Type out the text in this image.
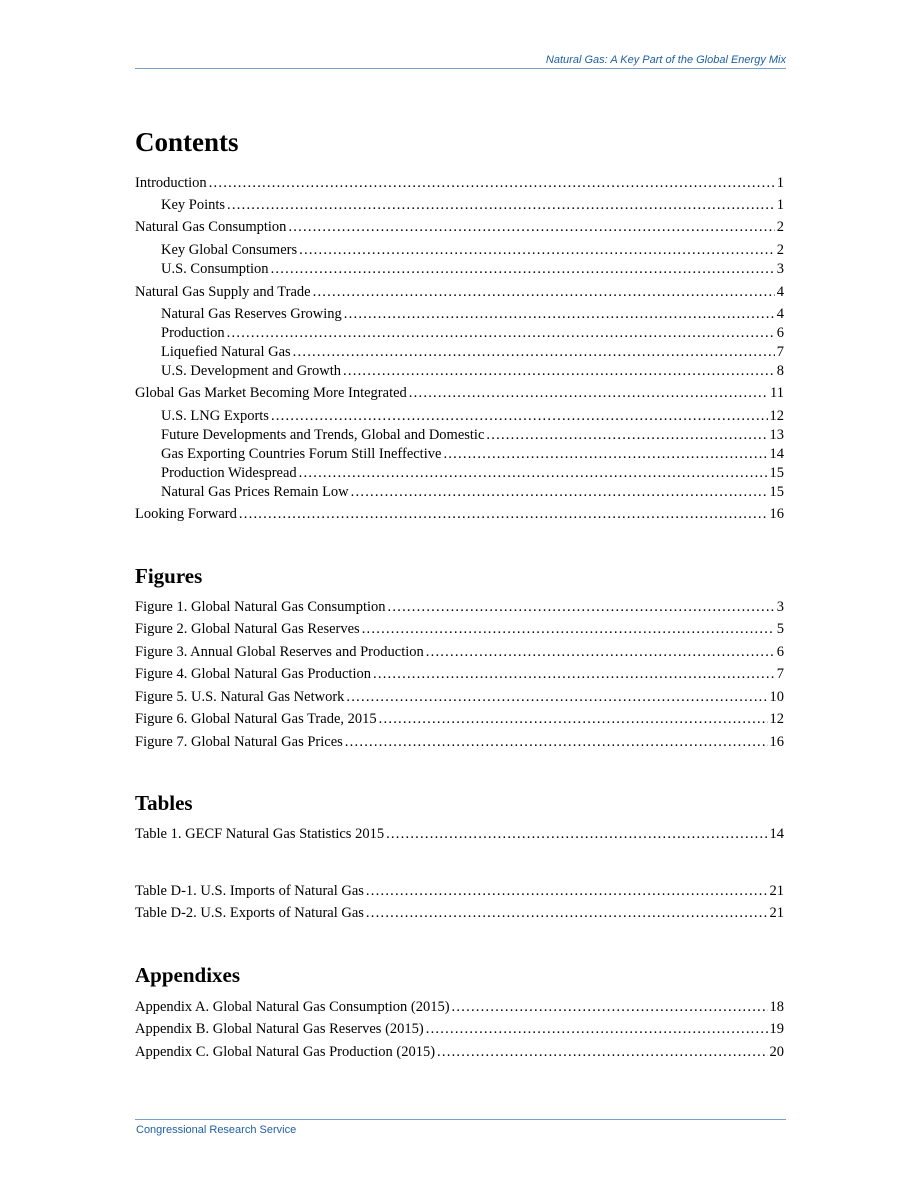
Natural Gas: A Key Part of the Global Energy Mix
Contents
Introduction . . .	1
Key Points . . .	1
Natural Gas Consumption . . .	2
Key Global Consumers . . .	2
U.S. Consumption . . .	3
Natural Gas Supply and Trade . . .	4
Natural Gas Reserves Growing . . .	4
Production . . .	6
Liquefied Natural Gas . . .	7
U.S. Development and Growth . . .	8
Global Gas Market Becoming More Integrated . . .	11
U.S. LNG Exports . . .	12
Future Developments and Trends, Global and Domestic . . .	13
Gas Exporting Countries Forum Still Ineffective . . .	14
Production Widespread . . .	15
Natural Gas Prices Remain Low . . .	15
Looking Forward . . .	16
Figures
Figure 1. Global Natural Gas Consumption . . .	3
Figure 2. Global Natural Gas Reserves . . .	5
Figure 3. Annual Global Reserves and Production . . .	6
Figure 4. Global Natural Gas Production . . .	7
Figure 5. U.S. Natural Gas Network . . .	10
Figure 6. Global Natural Gas Trade, 2015 . . .	12
Figure 7. Global Natural Gas Prices . . .	16
Tables
Table 1. GECF Natural Gas Statistics 2015 . . .	14
Table D-1. U.S. Imports of Natural Gas . . .	21
Table D-2. U.S. Exports of Natural Gas . . .	21
Appendixes
Appendix A. Global Natural Gas Consumption (2015) . . .	18
Appendix B. Global Natural Gas Reserves (2015) . . .	19
Appendix C. Global Natural Gas Production (2015) . . .	20
Congressional Research Service
